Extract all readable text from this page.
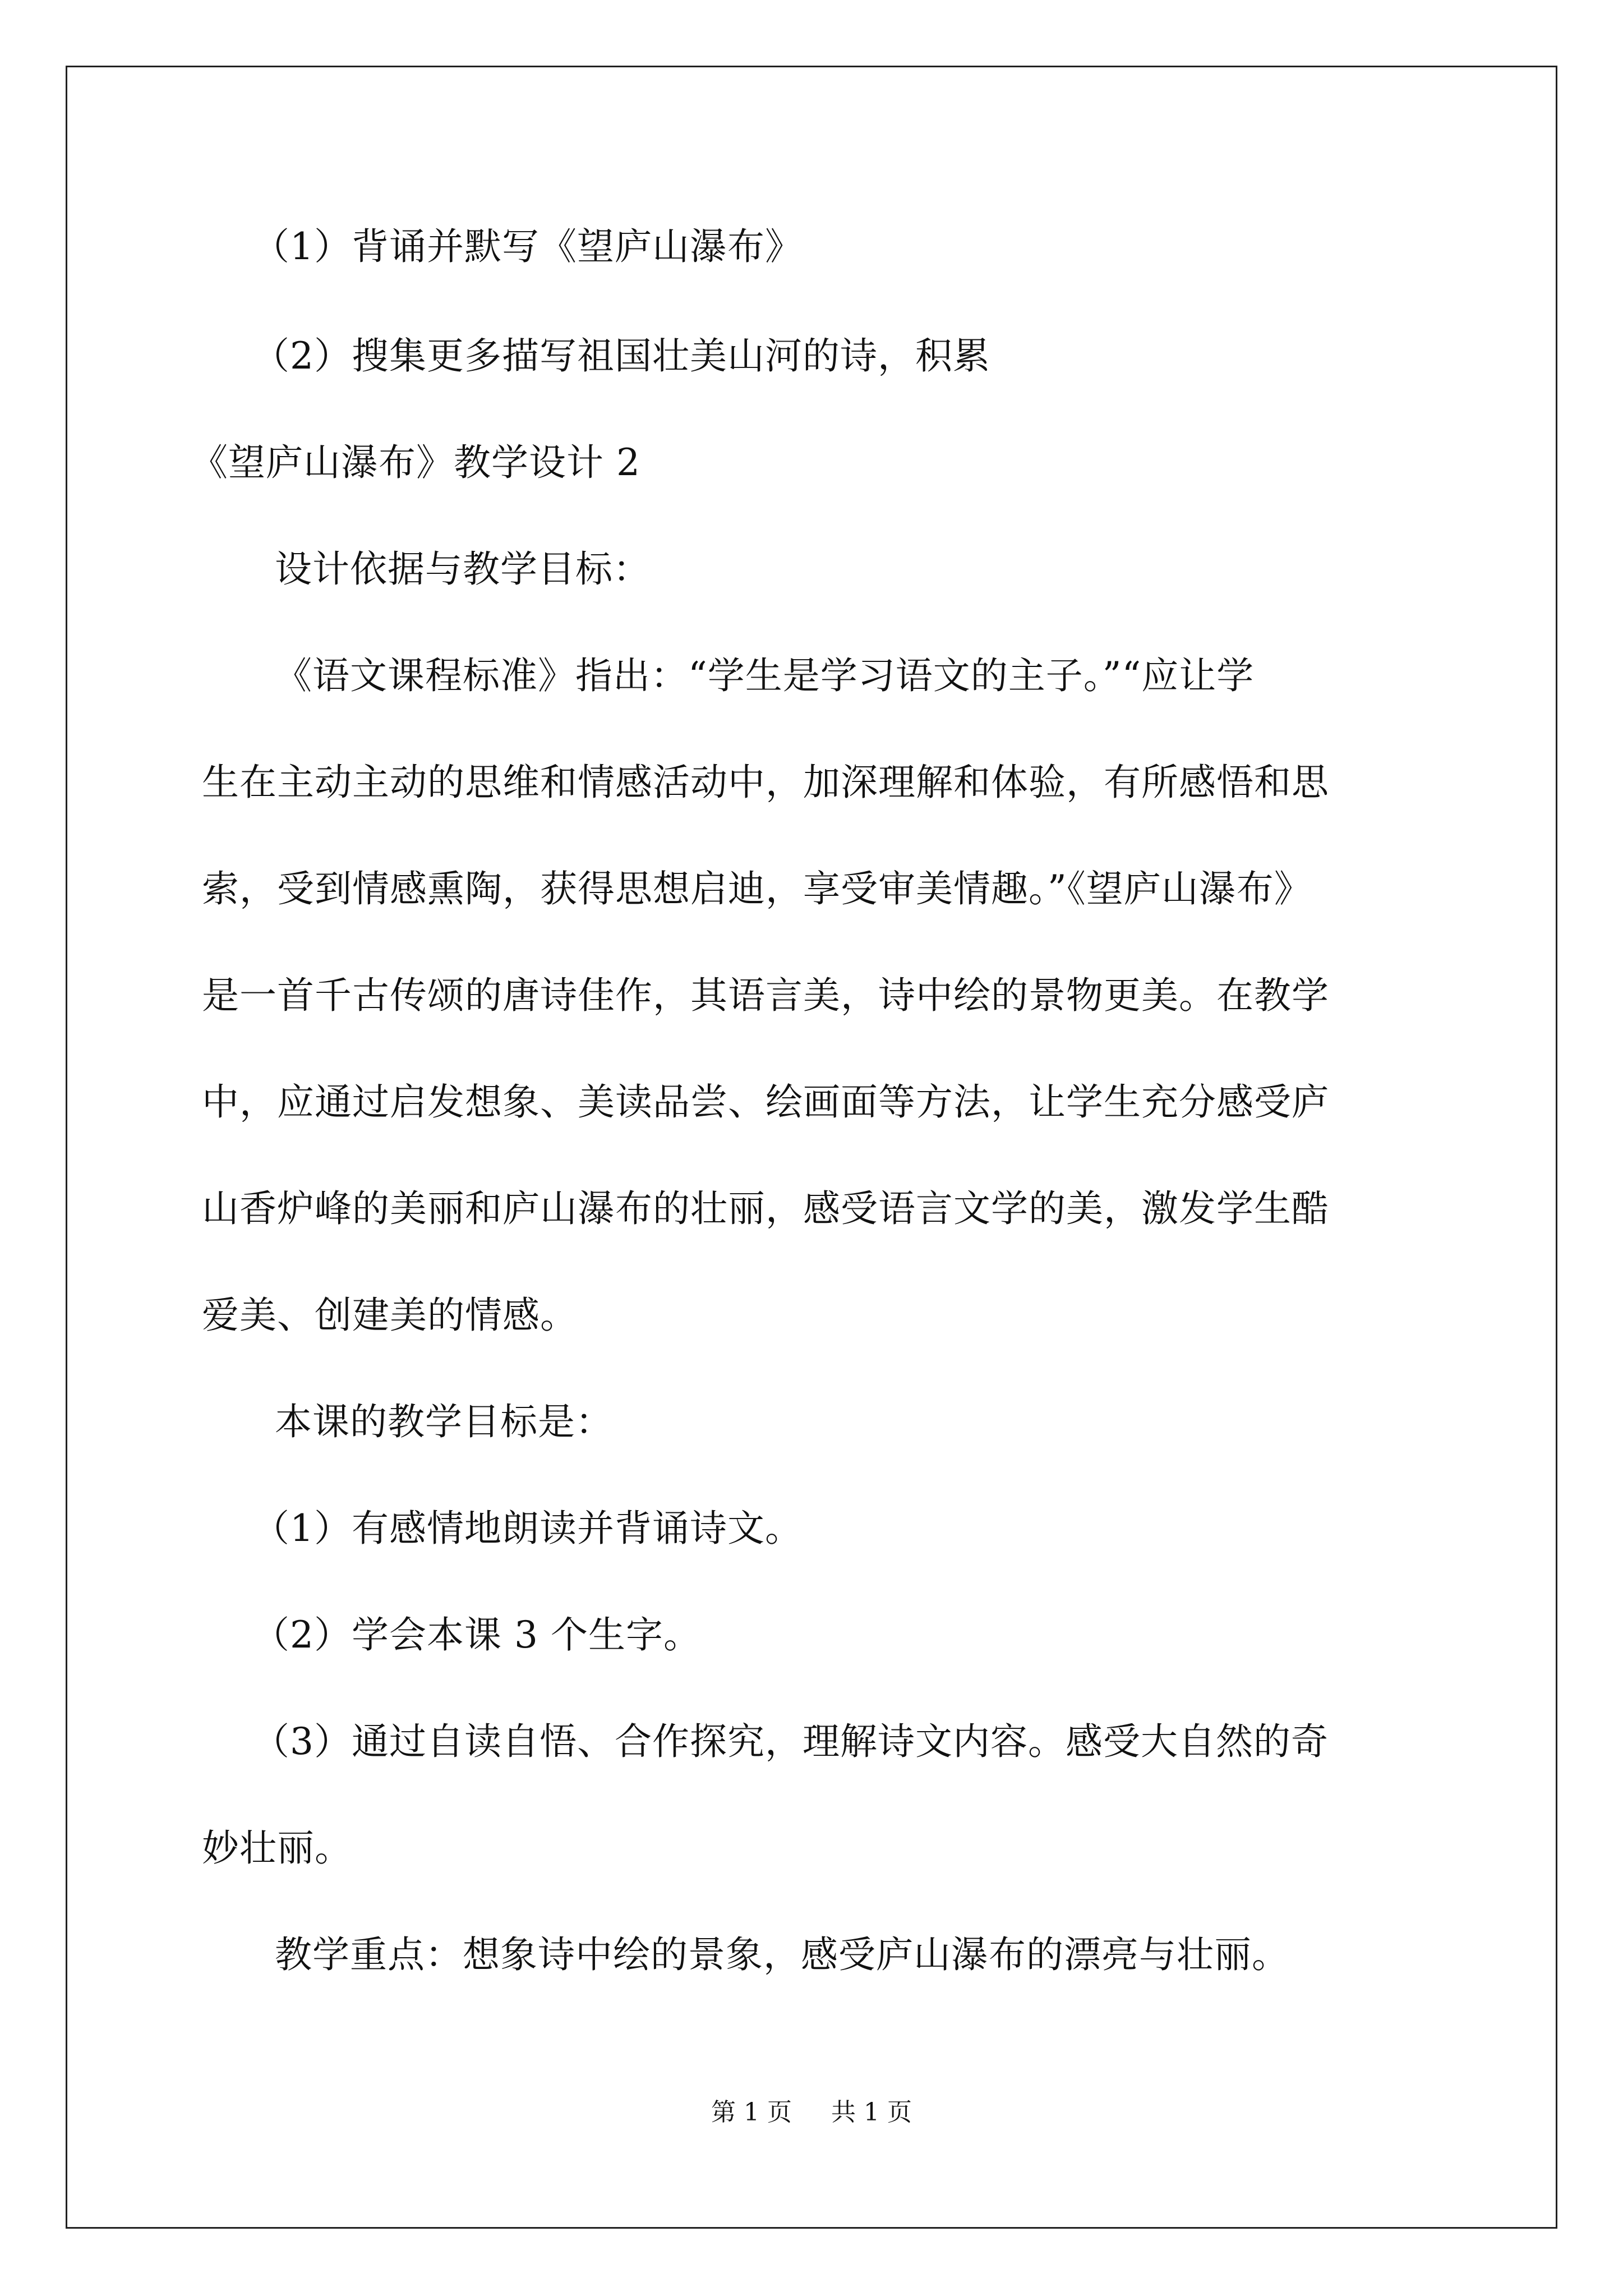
（1）背诵并默写《望庐山瀑布》
（2）搜集更多描写祖国壮美山河的诗，积累
《望庐山瀑布》教学设计 2
设计依据与教学目标：
《语文课程标准》指出：“学生是学习语文的主子。”“应让学
生在主动主动的思维和情感活动中，加深理解和体验，有所感悟和思
索，受到情感熏陶，获得思想启迪，享受审美情趣。”《望庐山瀑布》
是一首千古传颂的唐诗佳作，其语言美，诗中绘的景物更美。在教学
中，应通过启发想象、美读品尝、绘画面等方法，让学生充分感受庐
山香炉峰的美丽和庐山瀑布的壮丽，感受语言文学的美，激发学生酷
爱美、创建美的情感。
本课的教学目标是：
（1）有感情地朗读并背诵诗文。
（2）学会本课 3 个生字。
（3）通过自读自悟、合作探究，理解诗文内容。感受大自然的奇
妙壮丽。
教学重点：想象诗中绘的景象，感受庐山瀑布的漂亮与壮丽。
第 1 页 共 1 页
